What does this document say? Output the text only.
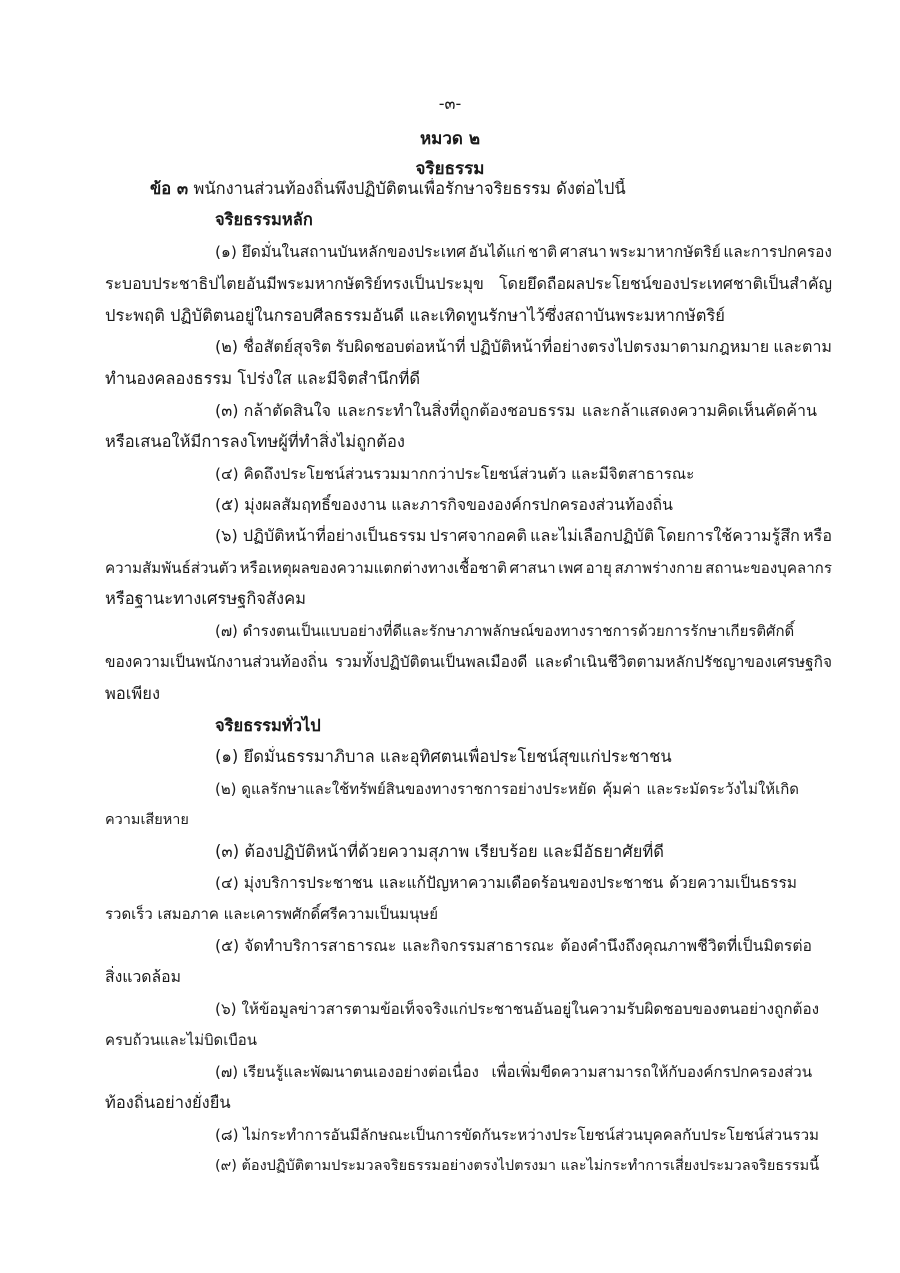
-๓-
หมวด ๒
จริยธรรม
ข้อ ๓ พนักงานส่วนท้องถิ่นพึงปฏิบัติตนเพื่อรักษาจริยธรรม ดังต่อไปนี้
จริยธรรมหลัก
(๑) ยึดมั่นในสถานบันหลักของประเทศ อันได้แก่ ชาติ ศาสนา พระมาหากษัตริย์ และการปกครอง
ระบอบประชาธิปไตยอันมีพระมหากษัตริย์ทรงเป็นประมุข โดยยึดถือผลประโยชน์ของประเทศชาติเป็นสำคัญ
ประพฤติ ปฏิบัติตนอยู่ในกรอบศีลธรรมอันดี และเทิดทูนรักษาไว้ซึ่งสถาบันพระมหากษัตริย์
(๒) ชื่อสัตย์สุจริต รับผิดชอบต่อหน้าที่ ปฏิบัติหน้าที่อย่างตรงไปตรงมาตามกฎหมาย และตาม
ทำนองคลองธรรม โปร่งใส และมีจิตสำนึกที่ดี
(๓) กล้าตัดสินใจ และกระทำในสิ่งที่ถูกต้องชอบธรรม และกล้าแสดงความคิดเห็นคัดค้าน
หรือเสนอให้มีการลงโทษผู้ที่ทำสิ่งไม่ถูกต้อง
(๔) คิดถึงประโยชน์ส่วนรวมมากกว่าประโยชน์ส่วนตัว และมีจิตสาธารณะ
(๕) มุ่งผลสัมฤทธิ์ของงาน และภารกิจขององค์กรปกครองส่วนท้องถิ่น
(๖) ปฏิบัติหน้าที่อย่างเป็นธรรม ปราศจากอคติ และไม่เลือกปฏิบัติ โดยการใช้ความรู้สึก หรือ
ความสัมพันธ์ส่วนตัว หรือเหตุผลของความแตกต่างทางเชื้อชาติ ศาสนา เพศ อายุ สภาพร่างกาย สถานะของบุคลากร
หรือฐานะทางเศรษฐกิจสังคม
(๗) ดำรงตนเป็นแบบอย่างที่ดีและรักษาภาพลักษณ์ของทางราชการด้วยการรักษาเกียรติศักดิ์
ของความเป็นพนักงานส่วนท้องถิ่น รวมทั้งปฏิบัติตนเป็นพลเมืองดี และดำเนินชีวิตตามหลักปรัชญาของเศรษฐกิจ
พอเพียง
จริยธรรมทั่วไป
(๑) ยึดมั่นธรรมาภิบาล และอุทิศตนเพื่อประโยชน์สุขแก่ประชาชน
(๒) ดูแลรักษาและใช้ทรัพย์สินของทางราชการอย่างประหยัด คุ้มค่า และระมัดระวังไม่ให้เกิด
ความเสียหาย
(๓) ต้องปฏิบัติหน้าที่ด้วยความสุภาพ เรียบร้อย และมีอัธยาศัยที่ดี
(๔) มุ่งบริการประชาชน และแก้ปัญหาความเดือดร้อนของประชาชน ด้วยความเป็นธรรม
รวดเร็ว เสมอภาค และเคารพศักดิ์ศรีความเป็นมนุษย์
(๕) จัดทำบริการสาธารณะ และกิจกรรมสาธารณะ ต้องคำนึงถึงคุณภาพชีวิตที่เป็นมิตรต่อ
สิ่งแวดล้อม
(๖) ให้ข้อมูลข่าวสารตามข้อเท็จจริงแก่ประชาชนอันอยู่ในความรับผิดชอบของตนอย่างถูกต้อง
ครบถ้วนและไม่บิดเบือน
(๗) เรียนรู้และพัฒนาตนเองอย่างต่อเนื่อง เพื่อเพิ่มขีดความสามารถให้กับองค์กรปกครองส่วน
ท้องถิ่นอย่างยั่งยืน
(๘) ไม่กระทำการอันมีลักษณะเป็นการขัดกันระหว่างประโยชน์ส่วนบุคคลกับประโยชน์ส่วนรวม
(๙) ต้องปฏิบัติตามประมวลจริยธรรมอย่างตรงไปตรงมา และไม่กระทำการเสี่ยงประมวลจริยธรรมนี้
